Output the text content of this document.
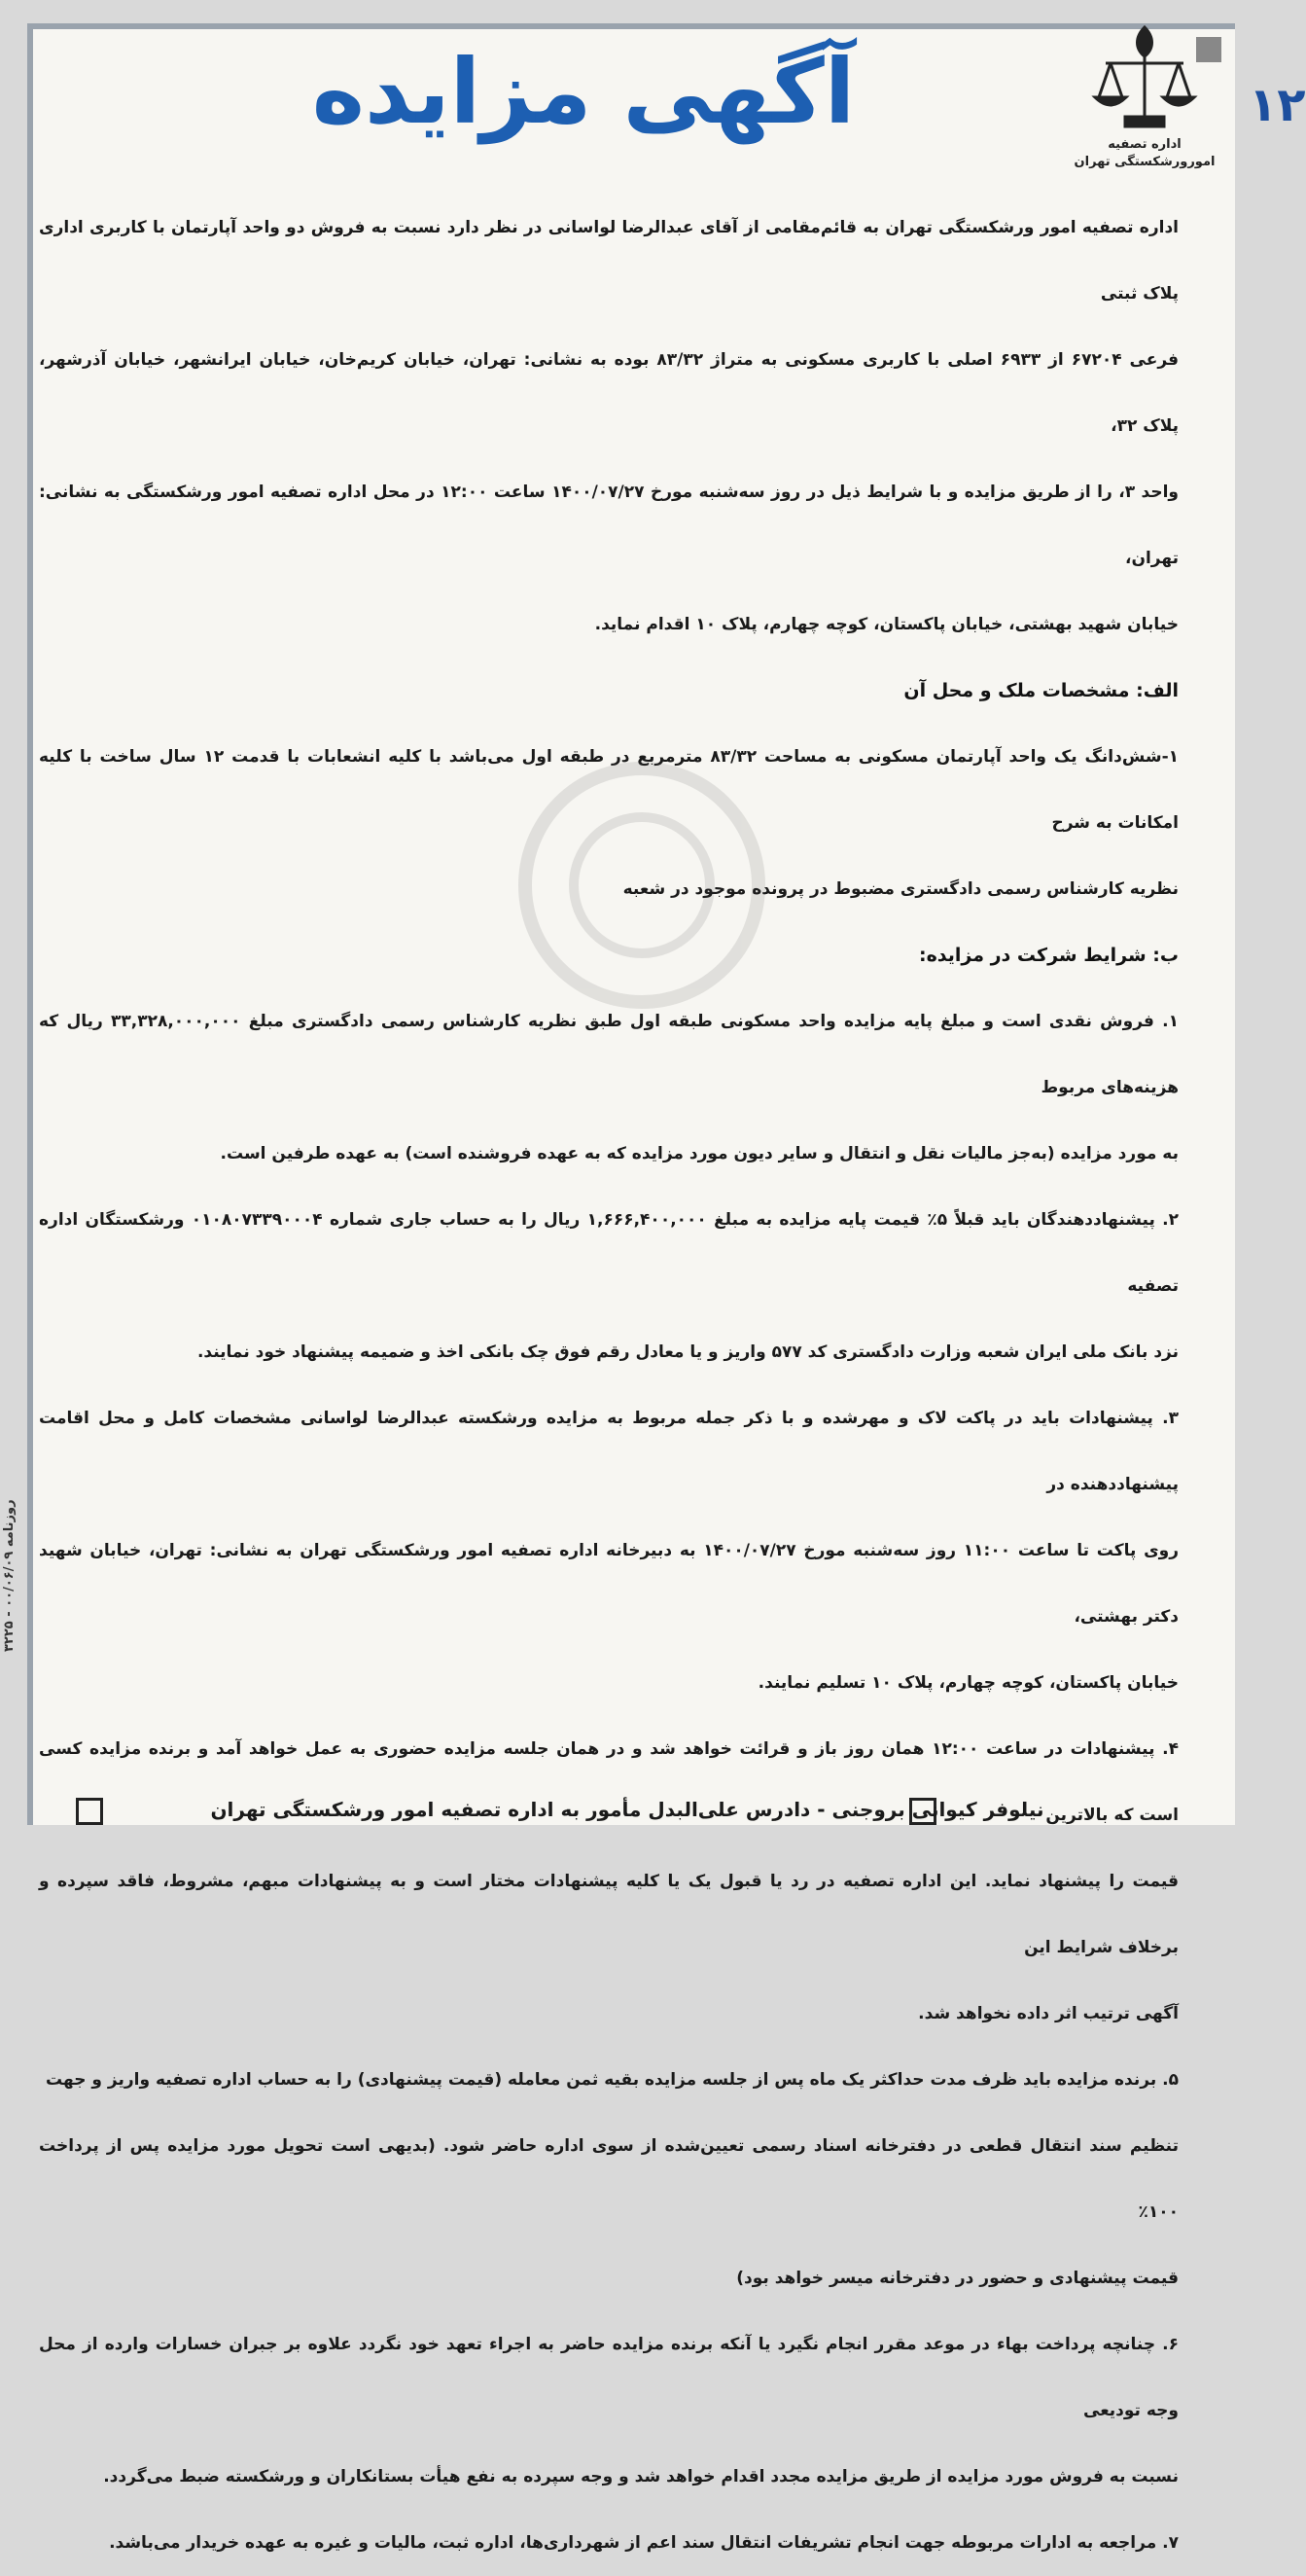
۱۲
اداره تصفیه
امورورشکستگی تهران
آگهی مزایده

اداره تصفیه امور ورشکستگی تهران به قائم‌مقامی از آقای عبدالرضا لواسانی در نظر دارد نسبت به فروش دو واحد آپارتمان با کاربری اداری پلاک ثبتی

فرعی ۶۷۲۰۴ از ۶۹۳۳ اصلی با کاربری مسکونی به متراژ ۸۳/۳۲ بوده به نشانی: تهران، خیابان کریم‌خان، خیابان ایرانشهر، خیابان آذرشهر، پلاک ۳۲،

واحد ۳، را از طریق مزایده و با شرایط ذیل در روز سه‌شنبه مورخ ۱۴۰۰/۰۷/۲۷ ساعت ۱۲:۰۰ در محل اداره تصفیه امور ورشکستگی به نشانی: تهران،

خیابان شهید بهشتی، خیابان پاکستان، کوچه چهارم، پلاک ۱۰ اقدام نماید.

الف: مشخصات ملک و محل آن

۱-شش‌دانگ یک واحد آپارتمان مسکونی به مساحت ۸۳/۳۲ مترمربع در طبقه اول می‌باشد با کلیه انشعابات با قدمت ۱۲ سال ساخت با کلیه امکانات به شرح

نظریه کارشناس رسمی دادگستری مضبوط در پرونده موجود در شعبه

ب: شرایط شرکت در مزایده:

۱. فروش نقدی است و مبلغ پایه مزایده واحد مسکونی طبقه اول طبق نظریه کارشناس رسمی دادگستری مبلغ ۳۳,۳۲۸,۰۰۰,۰۰۰ ریال که هزینه‌های مربوط

به مورد مزایده (به‌جز مالیات نقل و انتقال و سایر دیون مورد مزایده که به عهده فروشنده است) به عهده طرفین است.

۲. پیشنهاددهندگان باید قبلاً ۵٪ قیمت پایه مزایده به مبلغ ۱,۶۶۶,۴۰۰,۰۰۰ ریال را به حساب جاری شماره ۰۱۰۸۰۷۳۳۹۰۰۰۴ ورشکستگان اداره تصفیه

نزد بانک ملی ایران شعبه وزارت دادگستری کد ۵۷۷ واریز و یا معادل رقم فوق چک بانکی اخذ و ضمیمه پیشنهاد خود نمایند.

۳. پیشنهادات باید در پاکت لاک و مهرشده و با ذکر جمله مربوط به مزایده ورشکسته عبدالرضا لواسانی مشخصات کامل و محل اقامت پیشنهاددهنده در

روی پاکت تا ساعت ۱۱:۰۰ روز سه‌شنبه مورخ ۱۴۰۰/۰۷/۲۷ به دبیرخانه اداره تصفیه امور ورشکستگی تهران به نشانی: تهران، خیابان شهید دکتر بهشتی،

خیابان پاکستان، کوچه چهارم، پلاک ۱۰ تسلیم نمایند.

۴. پیشنهادات در ساعت ۱۲:۰۰ همان روز باز و قرائت خواهد شد و در همان جلسه مزایده حضوری به عمل خواهد آمد و برنده مزایده کسی است که بالاترین

قیمت را پیشنهاد نماید. این اداره تصفیه در رد یا قبول یک یا کلیه پیشنهادات مختار است و به پیشنهادات مبهم، مشروط، فاقد سپرده و برخلاف شرایط این

آگهی ترتیب اثر داده نخواهد شد.

۵. برنده مزایده باید ظرف مدت حداکثر یک ماه پس از جلسه مزایده بقیه ثمن معامله (قیمت پیشنهادی) را به حساب اداره تصفیه واریز و جهت

تنظیم سند انتقال قطعی در دفترخانه اسناد رسمی تعیین‌شده از سوی اداره حاضر شود. (بدیهی است تحویل مورد مزایده پس از پرداخت ۱۰۰٪

قیمت پیشنهادی و حضور در دفترخانه میسر خواهد بود)

۶. چنانچه پرداخت بهاء در موعد مقرر انجام نگیرد یا آنکه برنده مزایده حاضر به اجراء تعهد خود نگردد علاوه بر جبران خسارات وارده از محل وجه تودیعی

نسبت به فروش مورد مزایده از طریق مزایده مجدد اقدام خواهد شد و وجه سپرده به نفع هیأت بستانکاران و ورشکسته ضبط می‌گردد.

۷. مراجعه به ادارات مربوطه جهت انجام تشریفات انتقال سند اعم از شهرداری‌ها، اداره ثبت، مالیات و غیره به عهده خریدار می‌باشد.

روزنامه ۰۰/۰۶/۰۹ - ۳۲۲۵
نیلوفر کیوانی بروجنی - دادرس علی‌البدل مأمور به اداره تصفیه امور ورشکستگی تهران
